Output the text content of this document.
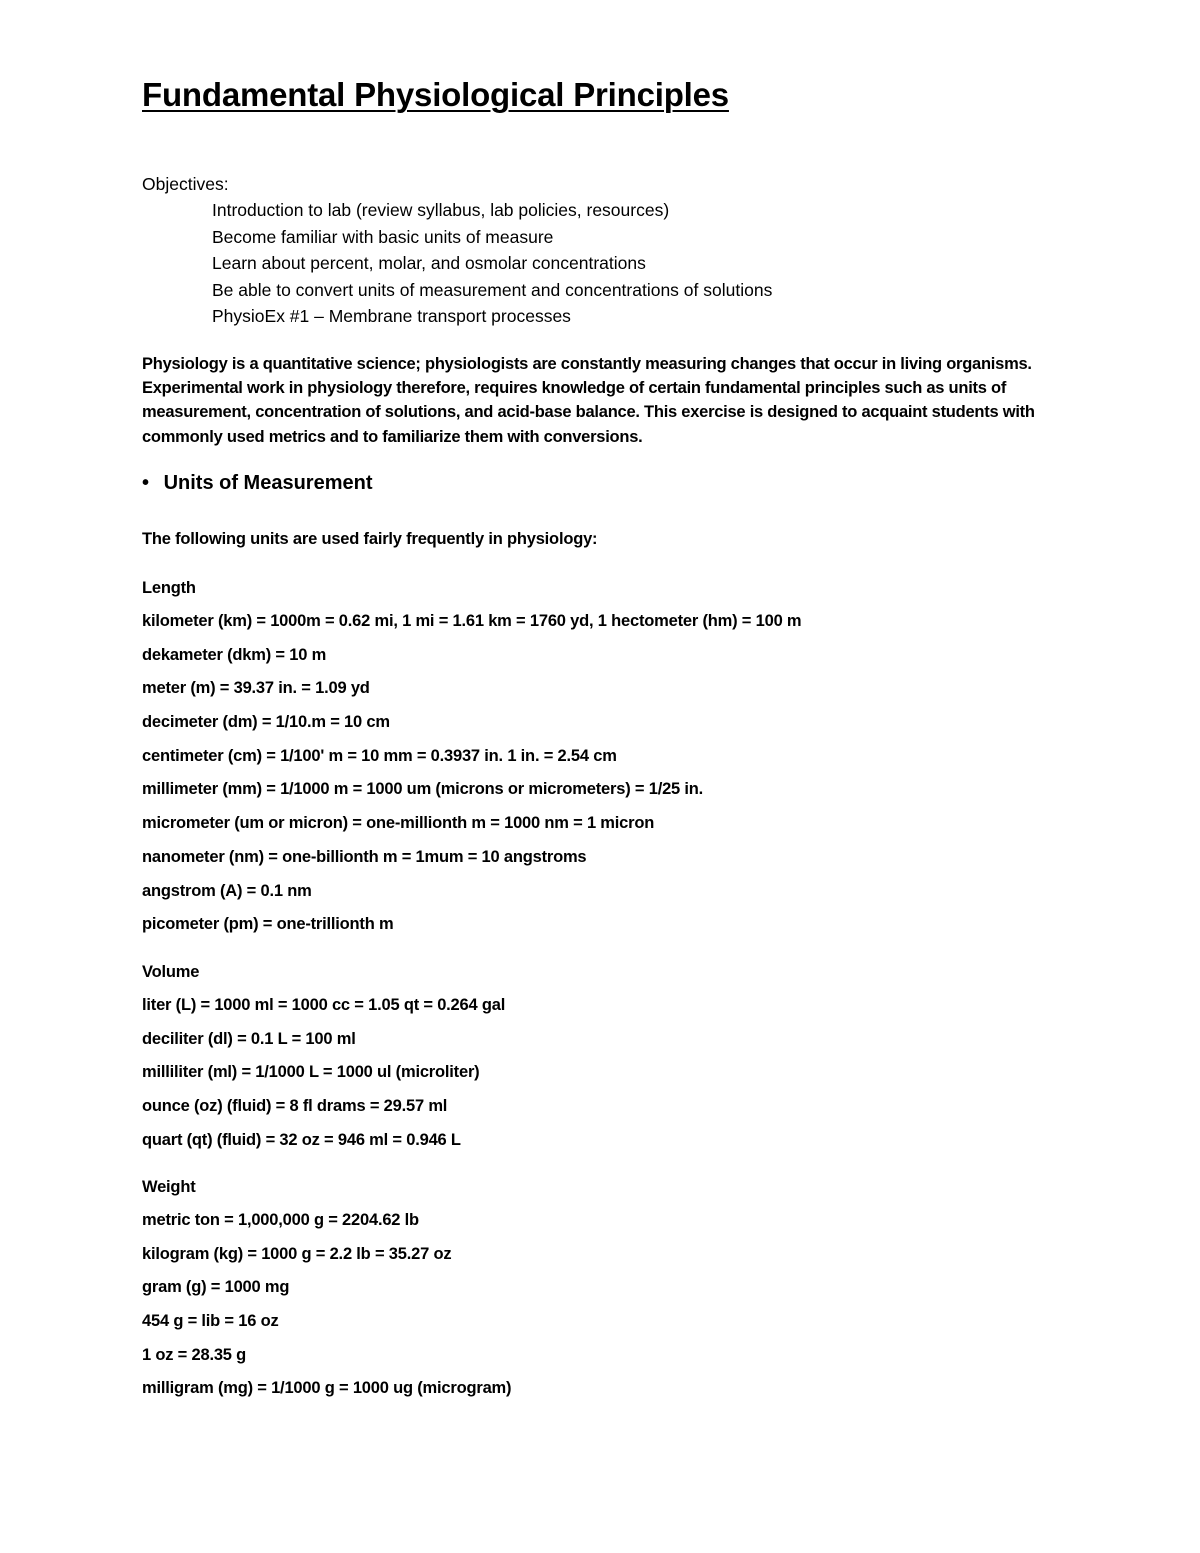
Fundamental Physiological Principles
Objectives:
Introduction to lab (review syllabus, lab policies, resources)
Become familiar with basic units of measure
Learn about percent, molar, and osmolar concentrations
Be able to convert units of measurement and concentrations of solutions
PhysioEx #1 – Membrane transport processes

Physiology is a quantitative science; physiologists are constantly measuring changes that occur in living organisms. Experimental work in physiology therefore, requires knowledge of certain fundamental principles such as units of measurement, concentration of solutions, and acid-base balance. This exercise is designed to acquaint students with commonly used metrics and to familiarize them with conversions.

• Units of Measurement

The following units are used fairly frequently in physiology:

Length
kilometer (km) = 1000m = 0.62 mi, 1 mi = 1.61 km = 1760 yd, 1 hectometer (hm) = 100 m
dekameter (dkm) = 10 m
meter (m) = 39.37 in. = 1.09 yd
decimeter (dm) = 1/10.m = 10 cm
centimeter (cm) = 1/100' m = 10 mm = 0.3937 in. 1 in. = 2.54 cm
millimeter (mm) = 1/1000 m = 1000 um (microns or micrometers) = 1/25 in.
micrometer (um or micron) = one-millionth m = 1000 nm = 1 micron
nanometer (nm) = one-billionth m = 1mum = 10 angstroms
angstrom (A) = 0.1 nm
picometer (pm) = one-trillionth m
Volume
liter (L) = 1000 ml = 1000 cc = 1.05 qt = 0.264 gal
deciliter (dl) = 0.1 L = 100 ml
milliliter (ml) = 1/1000 L = 1000 ul (microliter)
ounce (oz) (fluid) = 8 fl drams = 29.57 ml
quart (qt) (fluid) = 32 oz = 946 ml = 0.946 L
Weight
metric ton = 1,000,000 g = 2204.62 lb
kilogram (kg) = 1000 g = 2.2 lb = 35.27 oz
gram (g) = 1000 mg
454 g = lib = 16 oz
1 oz = 28.35 g
milligram (mg) = 1/1000 g = 1000 ug (microgram)
